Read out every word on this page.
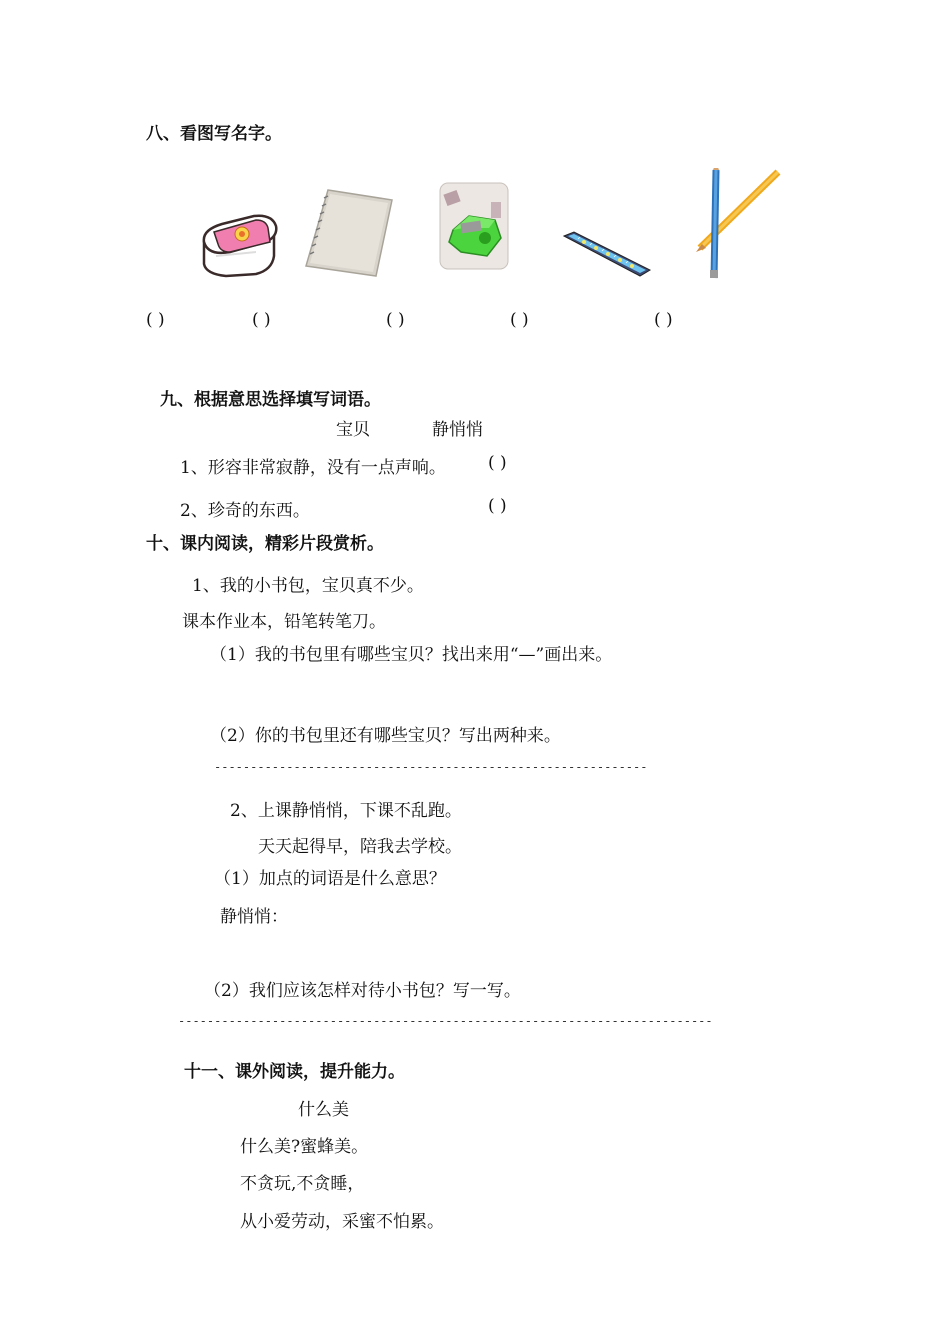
八、看图写名字。
( )	( )	( )	( )	( )
九、根据意思选择填写词语。
宝贝	静悄悄
1、形容非常寂静，没有一点声响。 ( )
2、珍奇的东西。	( )
十、课内阅读，精彩片段赏析。
1、我的小书包，宝贝真不少。
课本作业本，铅笔转笔刀。
（1）我的书包里有哪些宝贝？找出来用“—”画出来。
（2）你的书包里还有哪些宝贝？写出两种来。
------------------------------------------------------------
2、上课静悄悄，下课不乱跑。
天天起得早，陪我去学校。
（1）加点的词语是什么意思？
静悄悄：
（2）我们应该怎样对待小书包？写一写。
--------------------------------------------------------------------------
十一、课外阅读，提升能力。
什么美
什么美?蜜蜂美。
不贪玩,不贪睡，
从小爱劳动，采蜜不怕累。
